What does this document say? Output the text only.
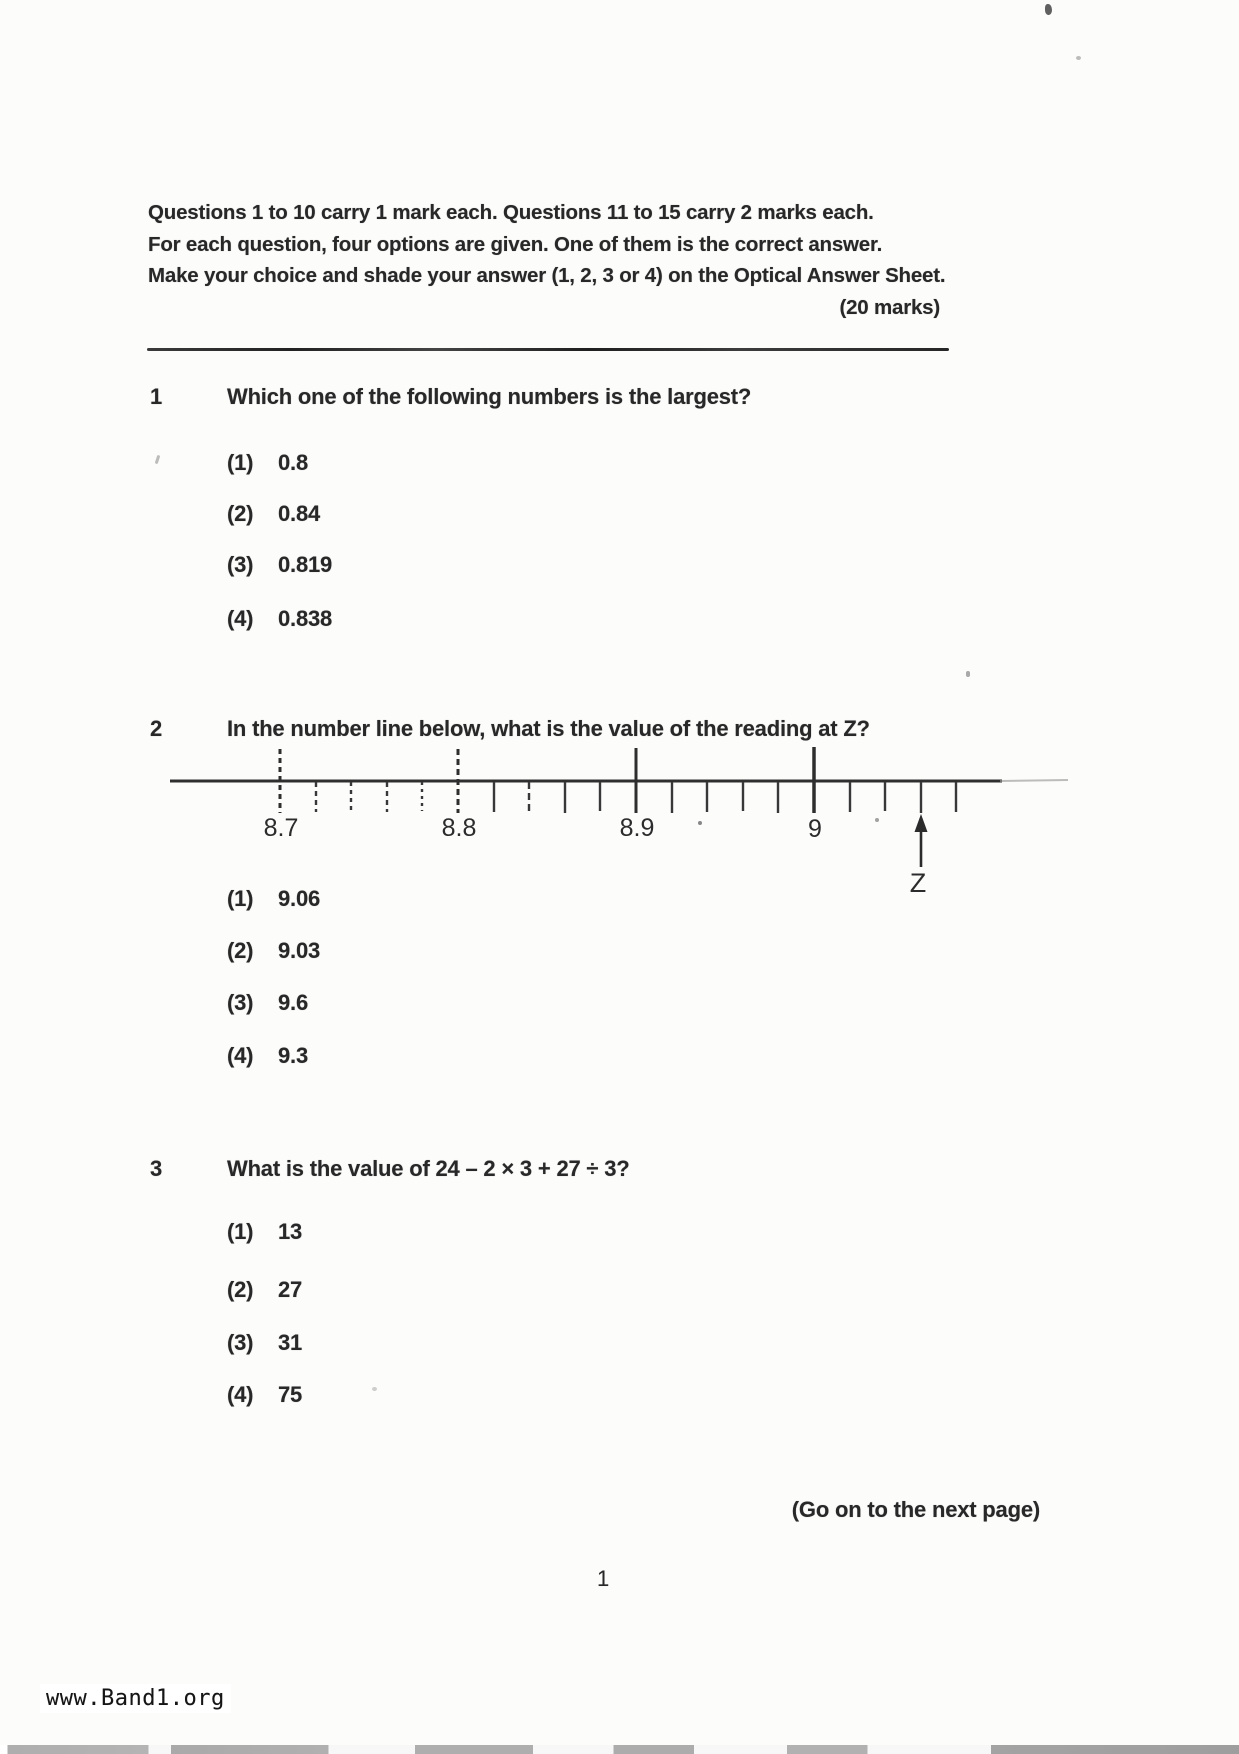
Questions 1 to 10 carry 1 mark each. Questions 11 to 15 carry 2 marks each.
For each question, four options are given. One of them is the correct answer.
Make your choice and shade your answer (1, 2, 3 or 4) on the Optical Answer Sheet.
(20 marks)
1	Which one of the following numbers is the largest?
(1) 0.8
(2) 0.84
(3) 0.819
(4) 0.838
2	In the number line below, what is the value of the reading at Z?
8.7	8.8	8.9	9
Z
(1) 9.06
(2) 9.03
(3) 9.6
(4) 9.3
3	What is the value of 24 – 2 × 3 + 27 ÷ 3?
(1) 13
(2) 27
(3) 31
(4) 75
(Go on to the next page)
1
www.Band1.org
